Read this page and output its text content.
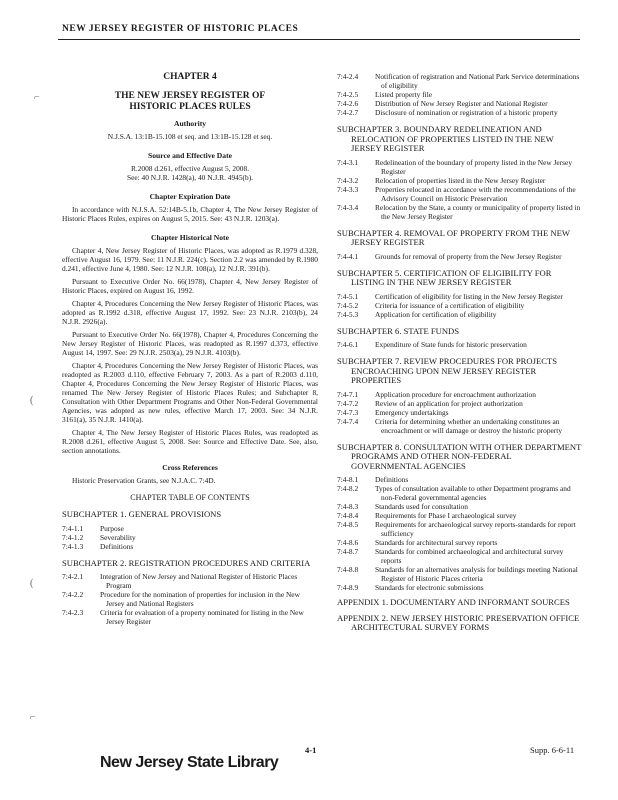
NEW JERSEY REGISTER OF HISTORIC PLACES
⌐
(
(
⌐
CHAPTER 4
THE NEW JERSEY REGISTER OF
HISTORIC PLACES RULES
Authority
N.J.S.A. 13:1B-15.108 et seq. and 13:1B-15.128 et seq.
Source and Effective Date
R.2008 d.261, effective August 5, 2008.
See: 40 N.J.R. 1428(a), 40 N.J.R. 4945(b).
Chapter Expiration Date

In accordance with N.J.S.A. 52:14B-5.1b, Chapter 4, The New Jersey Register of Historic Places Rules, expires on August 5, 2015. See: 43 N.J.R. 1203(a).

Chapter Historical Note

Chapter 4, New Jersey Register of Historic Places, was adopted as R.1979 d.328, effective August 16, 1979. See: 11 N.J.R. 224(c). Section 2.2 was amended by R.1980 d.241, effective June 4, 1980. See: 12 N.J.R. 108(a), 12 N.J.R. 391(b).

Pursuant to Executive Order No. 66(1978), Chapter 4, New Jersey Register of Historic Places, expired on August 16, 1992.

Chapter 4, Procedures Concerning the New Jersey Register of Historic Places, was adopted as R.1992 d.318, effective August 17, 1992. See: 23 N.J.R. 2103(b), 24 N.J.R. 2926(a).

Pursuant to Executive Order No. 66(1978), Chapter 4, Procedures Concerning the New Jersey Register of Historic Places, was readopted as R.1997 d.373, effective August 14, 1997. See: 29 N.J.R. 2503(a), 29 N.J.R. 4103(b).

Chapter 4, Procedures Concerning the New Jersey Register of Historic Places, was readopted as R.2003 d.110, effective February 7, 2003. As a part of R.2003 d.110, Chapter 4, Procedures Concerning the New Jersey Register of Historic Places, was renamed The New Jersey Register of Historic Places Rules; and Subchapter 8, Consultation with Other Department Programs and Other Non-Federal Governmental Agencies, was adopted as new rules, effective March 17, 2003. See: 34 N.J.R. 3161(a), 35 N.J.R. 1410(a).

Chapter 4, The New Jersey Register of Historic Places Rules, was readopted as R.2008 d.261, effective August 5, 2008. See: Source and Effective Date. See, also, section annotations.

Cross References

Historic Preservation Grants, see N.J.A.C. 7:4D.

CHAPTER TABLE OF CONTENTS
SUBCHAPTER 1. GENERAL PROVISIONS
7:4-1.1	Purpose
7:4-1.2	Severability
7:4-1.3	Definitions
SUBCHAPTER 2. REGISTRATION PROCEDURES AND CRITERIA
7:4-2.1	Integration of New Jersey and National Register of Historic Places Program
7:4-2.2	Procedure for the nomination of properties for inclusion in the New Jersey and National Registers
7:4-2.3	Criteria for evaluation of a property nominated for listing in the New Jersey Register
7:4-2.4	Notification of registration and National Park Service determinations of eligibility
7:4-2.5	Listed property file
7:4-2.6	Distribution of New Jersey Register and National Register
7:4-2.7	Disclosure of nomination or registration of a historic property
SUBCHAPTER 3. BOUNDARY REDELINEATION AND RELOCATION OF PROPERTIES LISTED IN THE NEW JERSEY REGISTER
7:4-3.1	Redelineation of the boundary of property listed in the New Jersey Register
7:4-3.2	Relocation of properties listed in the New Jersey Register
7:4-3.3	Properties relocated in accordance with the recommendations of the Advisory Council on Historic Preservation
7:4-3.4	Relocation by the State, a county or municipality of property listed in the New Jersey Register
SUBCHAPTER 4. REMOVAL OF PROPERTY FROM THE NEW JERSEY REGISTER
7:4-4.1	Grounds for removal of property from the New Jersey Register
SUBCHAPTER 5. CERTIFICATION OF ELIGIBILITY FOR LISTING IN THE NEW JERSEY REGISTER
7:4-5.1	Certification of eligibility for listing in the New Jersey Register
7:4-5.2	Criteria for issuance of a certification of eligibility
7:4-5.3	Application for certification of eligibility
SUBCHAPTER 6. STATE FUNDS
7:4-6.1	Expenditure of State funds for historic preservation
SUBCHAPTER 7. REVIEW PROCEDURES FOR PROJECTS ENCROACHING UPON NEW JERSEY REGISTER PROPERTIES
7:4-7.1	Application procedure for encroachment authorization
7:4-7.2	Review of an application for project authorization
7:4-7.3	Emergency undertakings
7:4-7.4	Criteria for determining whether an undertaking constitutes an encroachment or will damage or destroy the historic property
SUBCHAPTER 8. CONSULTATION WITH OTHER DEPARTMENT PROGRAMS AND OTHER NON-FEDERAL GOVERNMENTAL AGENCIES
7:4-8.1	Definitions
7:4-8.2	Types of consultation available to other Department programs and non-Federal governmental agencies
7:4-8.3	Standards used for consultation
7:4-8.4	Requirements for Phase I archaeological survey
7:4-8.5	Requirements for archaeological survey reports-standards for report sufficiency
7:4-8.6	Standards for architectural survey reports
7:4-8.7	Standards for combined archaeological and architectural survey reports
7:4-8.8	Standards for an alternatives analysis for buildings meeting National Register of Historic Places criteria
7:4-8.9	Standards for electronic submissions
APPENDIX 1. DOCUMENTARY AND INFORMANT SOURCES
APPENDIX 2. NEW JERSEY HISTORIC PRESERVATION OFFICE ARCHITECTURAL SURVEY FORMS
4-1	Supp. 6-6-11
New Jersey State Library
